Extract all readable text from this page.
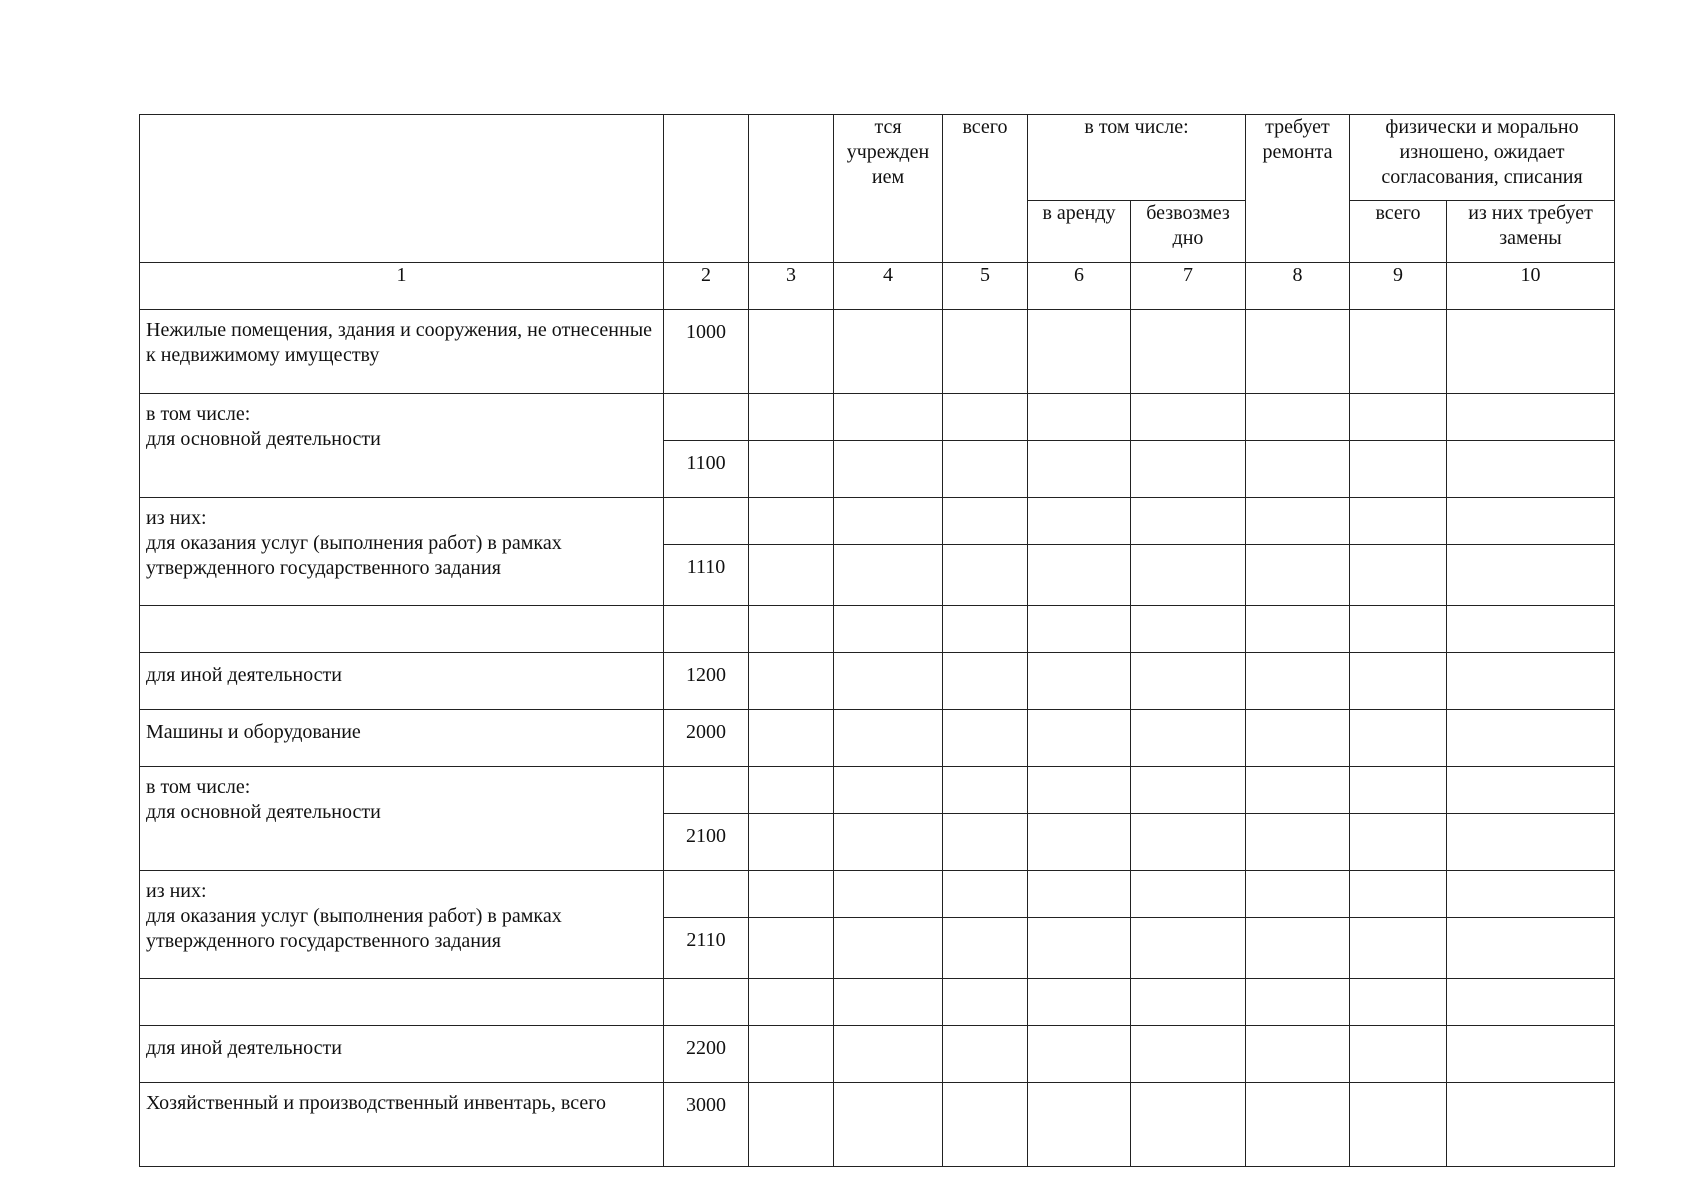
			тся учрежден ием	всего	в том числе:		требует ремонта	физически и морально изношено, ожидает согласования, списания	
					в аренду	безвозмез дно		всего	из них требует замены
1	2	3	4	5	6	7	8	9	10
Нежилые помещения, здания и сооружения, не отнесенные к недвижимому имуществу	1000								
в том числе:
для основной деятельности									
	1100								
из них:
для оказания услуг (выполнения работ) в рамках утвержденного государственного задания									
	1110								

для иной деятельности	1200								
Машины и оборудование	2000								
в том числе:
для основной деятельности									
	2100								
из них:
для оказания услуг (выполнения работ) в рамках утвержденного государственного задания									
	2110								

для иной деятельности	2200								
Хозяйственный и производственный инвентарь, всего	3000								
